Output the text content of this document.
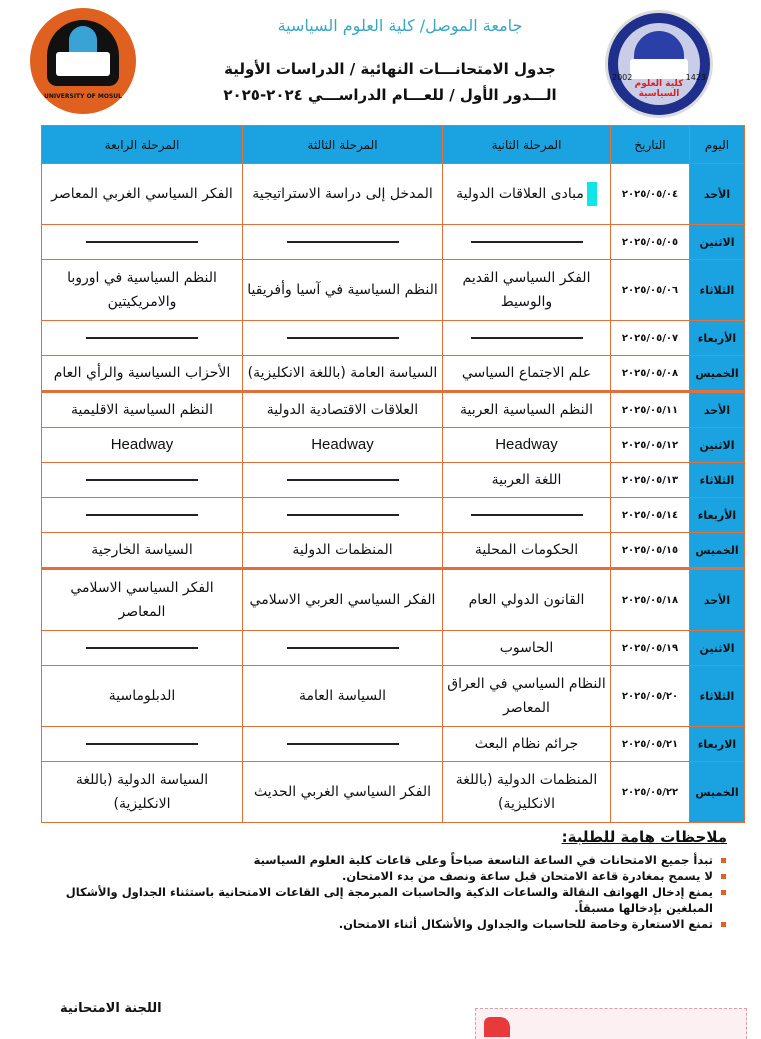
UNIVERSITY OF MOSUL
2002	1423
كلية العلوم السياسية
جامعة الموصل/ كلية العلوم السياسية
جدول الامتحانـــات النهائية / الدراسات الأولية
الـــدور الأول / للعـــام الدراســـي ٢٠٢٤-٢٠٢٥
اليوم	التاريخ	المرحلة الثانية	المرحلة الثالثة	المرحلة الرابعة
الأحد	٢٠٢٥/٠٥/٠٤	مبادى العلاقات الدولية	المدخل إلى دراسة الاستراتيجية	الفكر السياسي الغربي المعاصر
الاثنين	٢٠٢٥/٠٥/٠٥			
الثلاثاء	٢٠٢٥/٠٥/٠٦	الفكر السياسي القديم والوسيط	النظم السياسية في آسيا وأفريقيا	النظم السياسية في اوروبا والامريكيتين
الأربعاء	٢٠٢٥/٠٥/٠٧			
الخميس	٢٠٢٥/٠٥/٠٨	علم الاجتماع السياسي	السياسة العامة (باللغة الانكليزية)	الأحزاب السياسية والرأي العام
الأحد	٢٠٢٥/٠٥/١١	النظم السياسية العربية	العلاقات الاقتصادية الدولية	النظم السياسية الاقليمية
الاثنين	٢٠٢٥/٠٥/١٢	Headway	Headway	Headway
الثلاثاء	٢٠٢٥/٠٥/١٣	اللغة العربية		
الأربعاء	٢٠٢٥/٠٥/١٤			
الخميس	٢٠٢٥/٠٥/١٥	الحكومات المحلية	المنظمات الدولية	السياسة الخارجية
الأحد	٢٠٢٥/٠٥/١٨	القانون الدولي العام	الفكر السياسي العربي الاسلامي	الفكر السياسي الاسلامي المعاصر
الاثنين	٢٠٢٥/٠٥/١٩	الحاسوب		
الثلاثاء	٢٠٢٥/٠٥/٢٠	النظام السياسي في العراق المعاصر	السياسة العامة	الدبلوماسية
الاربعاء	٢٠٢٥/٠٥/٢١	جرائم نظام البعث		
الخميس	٢٠٢٥/٠٥/٢٢	المنظمات الدولية (باللغة الانكليزية)	الفكر السياسي الغربي الحديث	السياسة الدولية (باللغة الانكليزية)
ملاحظات هامة للطلبة:
تبدأ جميع الامتحانات في الساعة التاسعة صباحاً وعلى قاعات كلية العلوم السياسية
لا يسمح بمغادرة قاعة الامتحان قبل ساعة ونصف من بدء الامتحان.
يمنع إدخال الهواتف النقالة والساعات الذكية والحاسبات المبرمجة إلى القاعات الامتحانية باستثناء الجداول والأشكال المبلغين بإدخالها مسبقاً.
تمنع الاستعارة وخاصة للحاسبات والجداول والأشكال أثناء الامتحان.
اللجنة الامتحانية
